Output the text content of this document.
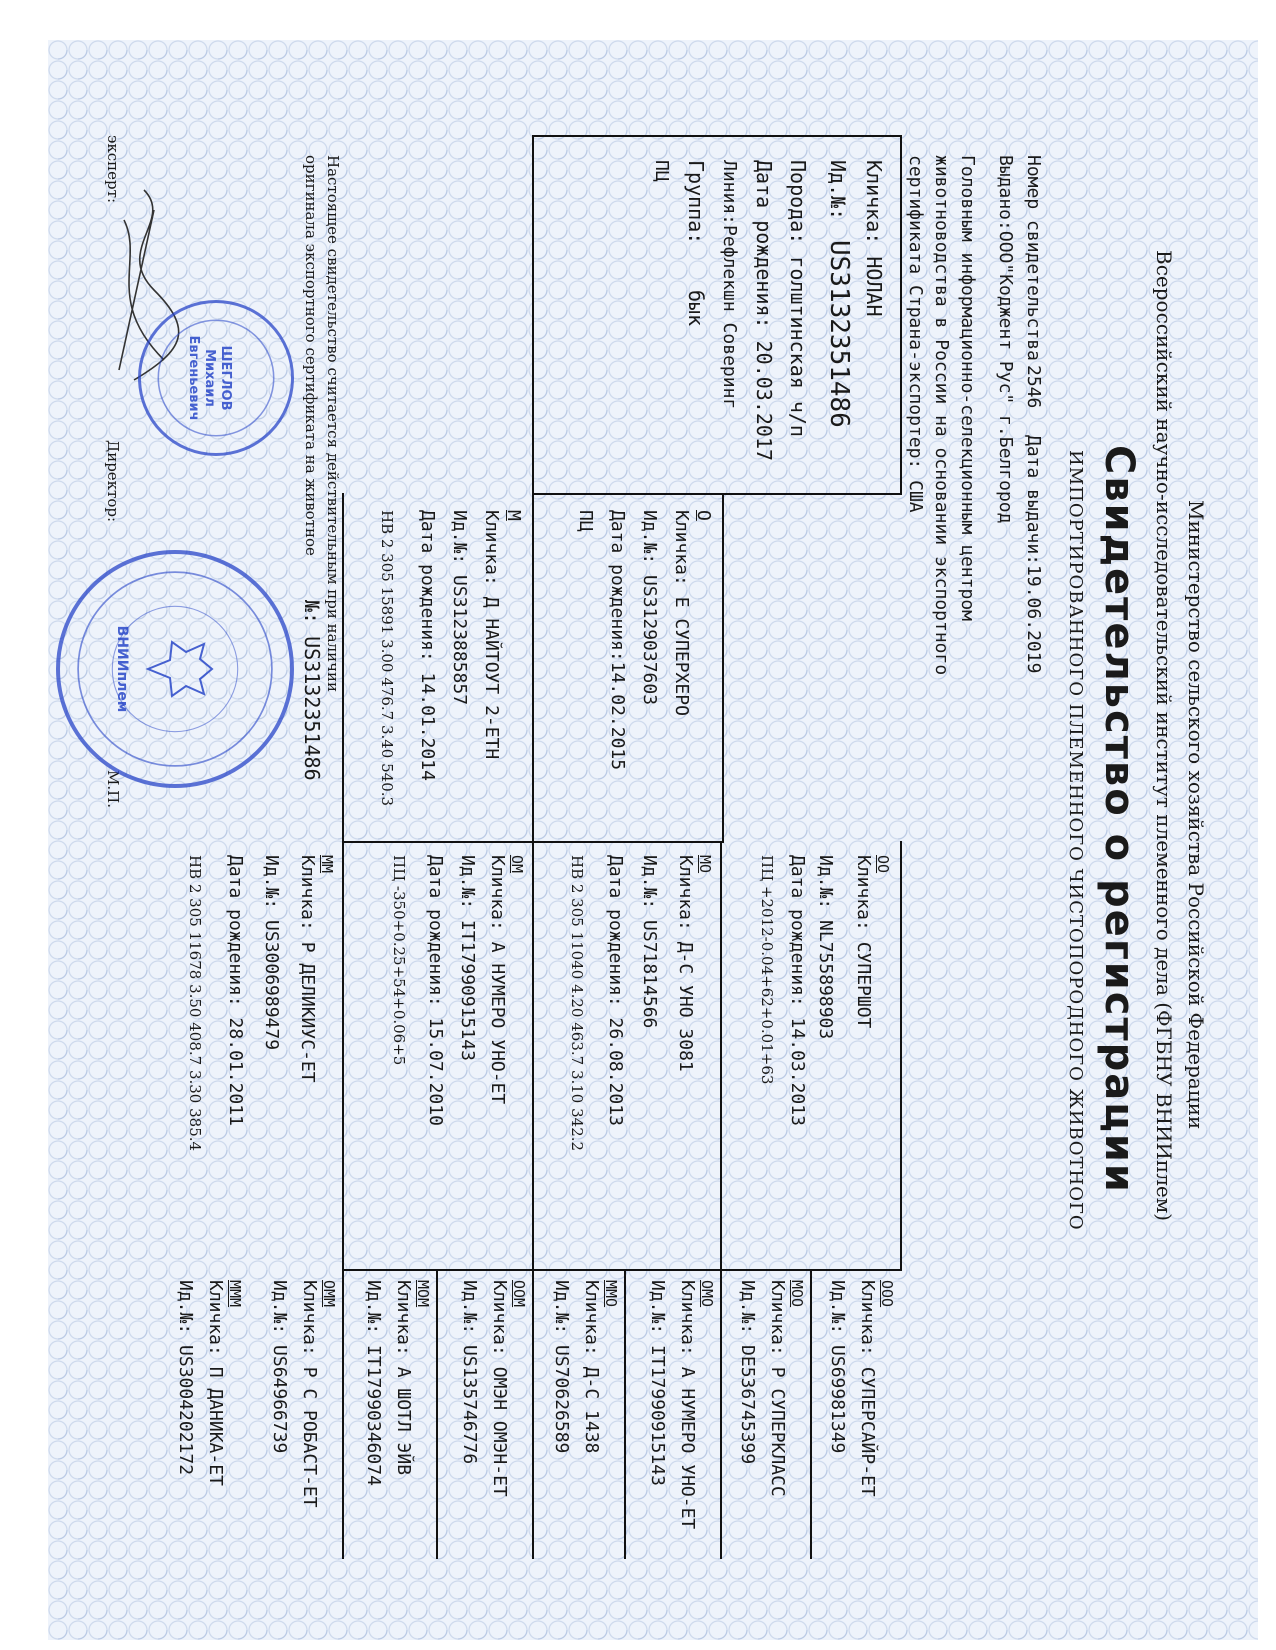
Министерство сельского хозяйства Российской Федерации
Всероссийский научно-исследовательский институт племенного дела (ФГБНУ ВНИИплем)
Свидетельство о регистрации
ИМПОРТИРОВАННОГО ПЛЕМЕННОГО ЧИСТОПОРОДНОГО ЖИВОТНОГО
Номер свидетельства
2546
Дата выдачи:19.06.2019
Выдано:ООО"Коджент Рус" г.Белгород
Головным информационно-селекционным центром
животноводства в России на основании экспортного
сертификата Страна-экспортер: США
Кличка: НОЛАН
Ид.№:
US3132351486
Порода: голштинская ч/п
Дата рождения: 20.03.2017
Линия:Рефлекшн Соверинг
Группа:
бык
ПЦ
О
Кличка: Е СУПЕРХЕРО
Ид.№: US3129037603
Дата рождения:14.02.2015
ПЦ
М
Кличка: Д НАЙТОУТ 2-ЕТН
Ид.№: US3123885857
Дата рождения: 14.01.2014
НВ 2 305 15891 3.00 476.7 3.40 540.3
ОО
Кличка: СУПЕРШОТ
Ид.№: NL755898903
Дата рождения: 14.03.2013
ПЦ +2012-0.04+62+0.01+63
МО
Кличка: Д-С УНО 3081
Ид.№: US71814566
Дата рождения: 26.08.2013
НВ 2 305 11040 4.20 463.7 3.10 342.2
ОМ
Кличка: А НУМЕРО УНО-ЕТ
Ид.№: IT17990915143
Дата рождения: 15.07.2010
ПЦ -350+0.25+54+0.06+5
ММ
Кличка: Р ДЕЛИКИУС-ЕТ
Ид.№: US3006989479
Дата рождения: 28.01.2011
НВ 2 305 11678 3.50 408.7 3.30 385.4
ООО
Кличка: СУПЕРСАЙР-ЕТ
Ид.№: US69981349
МОО
Кличка: Р СУПЕРКЛАСС
Ид.№: DE536745399
ОМО
Кличка: А НУМЕРО УНО-ЕТ
Ид.№: IT17990915143
ММО
Кличка: Д-С 1438
Ид.№: US70626589
ООМ
Кличка: ОМЭН ОМЭН-ЕТ
Ид.№: US135746776
МОМ
Кличка: А ШОТЛ ЭЙВ
Ид.№: IT17990346074
ОММ
Кличка: Р С РОБАСТ-ЕТ
Ид.№: US64966739
МММ
Кличка: П ДАНИКА-ЕТ
Ид.№: US3004202172
Настоящее свидетельство считается действительным при наличии
оригинала экспортного сертификата на животное
№: US3132351486
эксперт:
Директор:
М.П.
ШЕГЛОВ Михаил Евгеньевич
ВНИИплем
